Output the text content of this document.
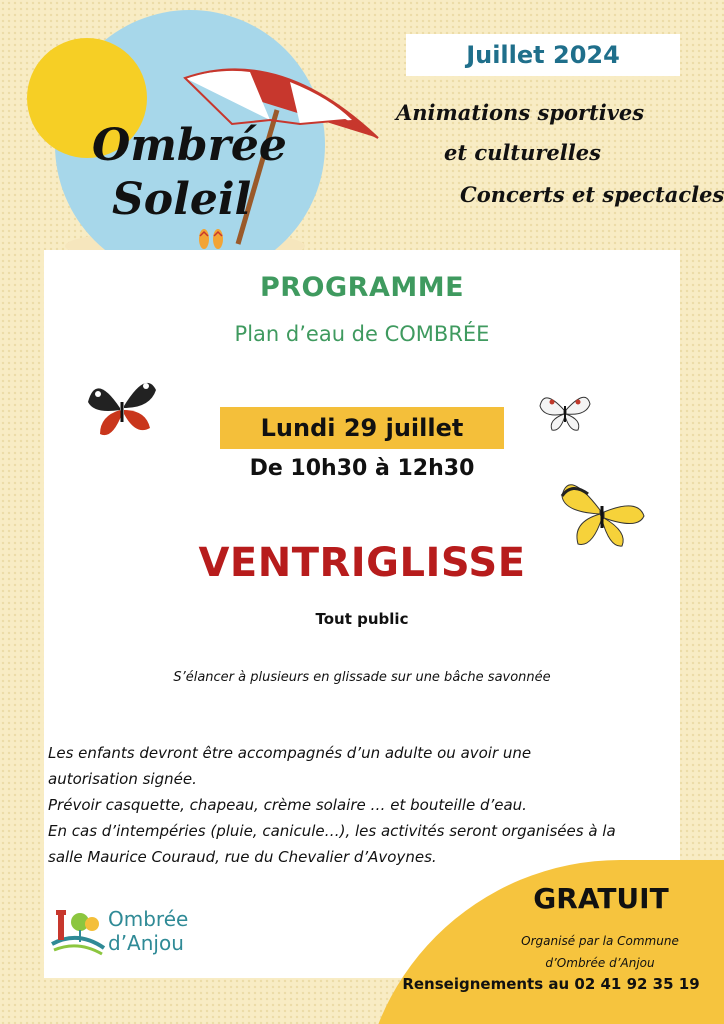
Ombrée
Soleil
Juillet 2024
Animations sportives
et culturelles
Concerts et spectacles
PROGRAMME
Plan d’eau de COMBRÉE
Lundi 29 juillet
De 10h30 à 12h30
VENTRIGLISSE
Tout public
S’élancer à plusieurs en glissade sur une bâche savonnée
Les enfants devront être accompagnés d’un adulte ou avoir une
autorisation signée.
Prévoir casquette, chapeau, crème solaire … et bouteille d’eau.
En cas d’intempéries (pluie, canicule…), les activités seront organisées à la
salle Maurice Couraud, rue du Chevalier d’Avoynes.
GRATUIT
Organisé par la Commune
d’Ombrée d’Anjou
Renseignements au 02 41 92 35 19
Ombrée
d’Anjou
